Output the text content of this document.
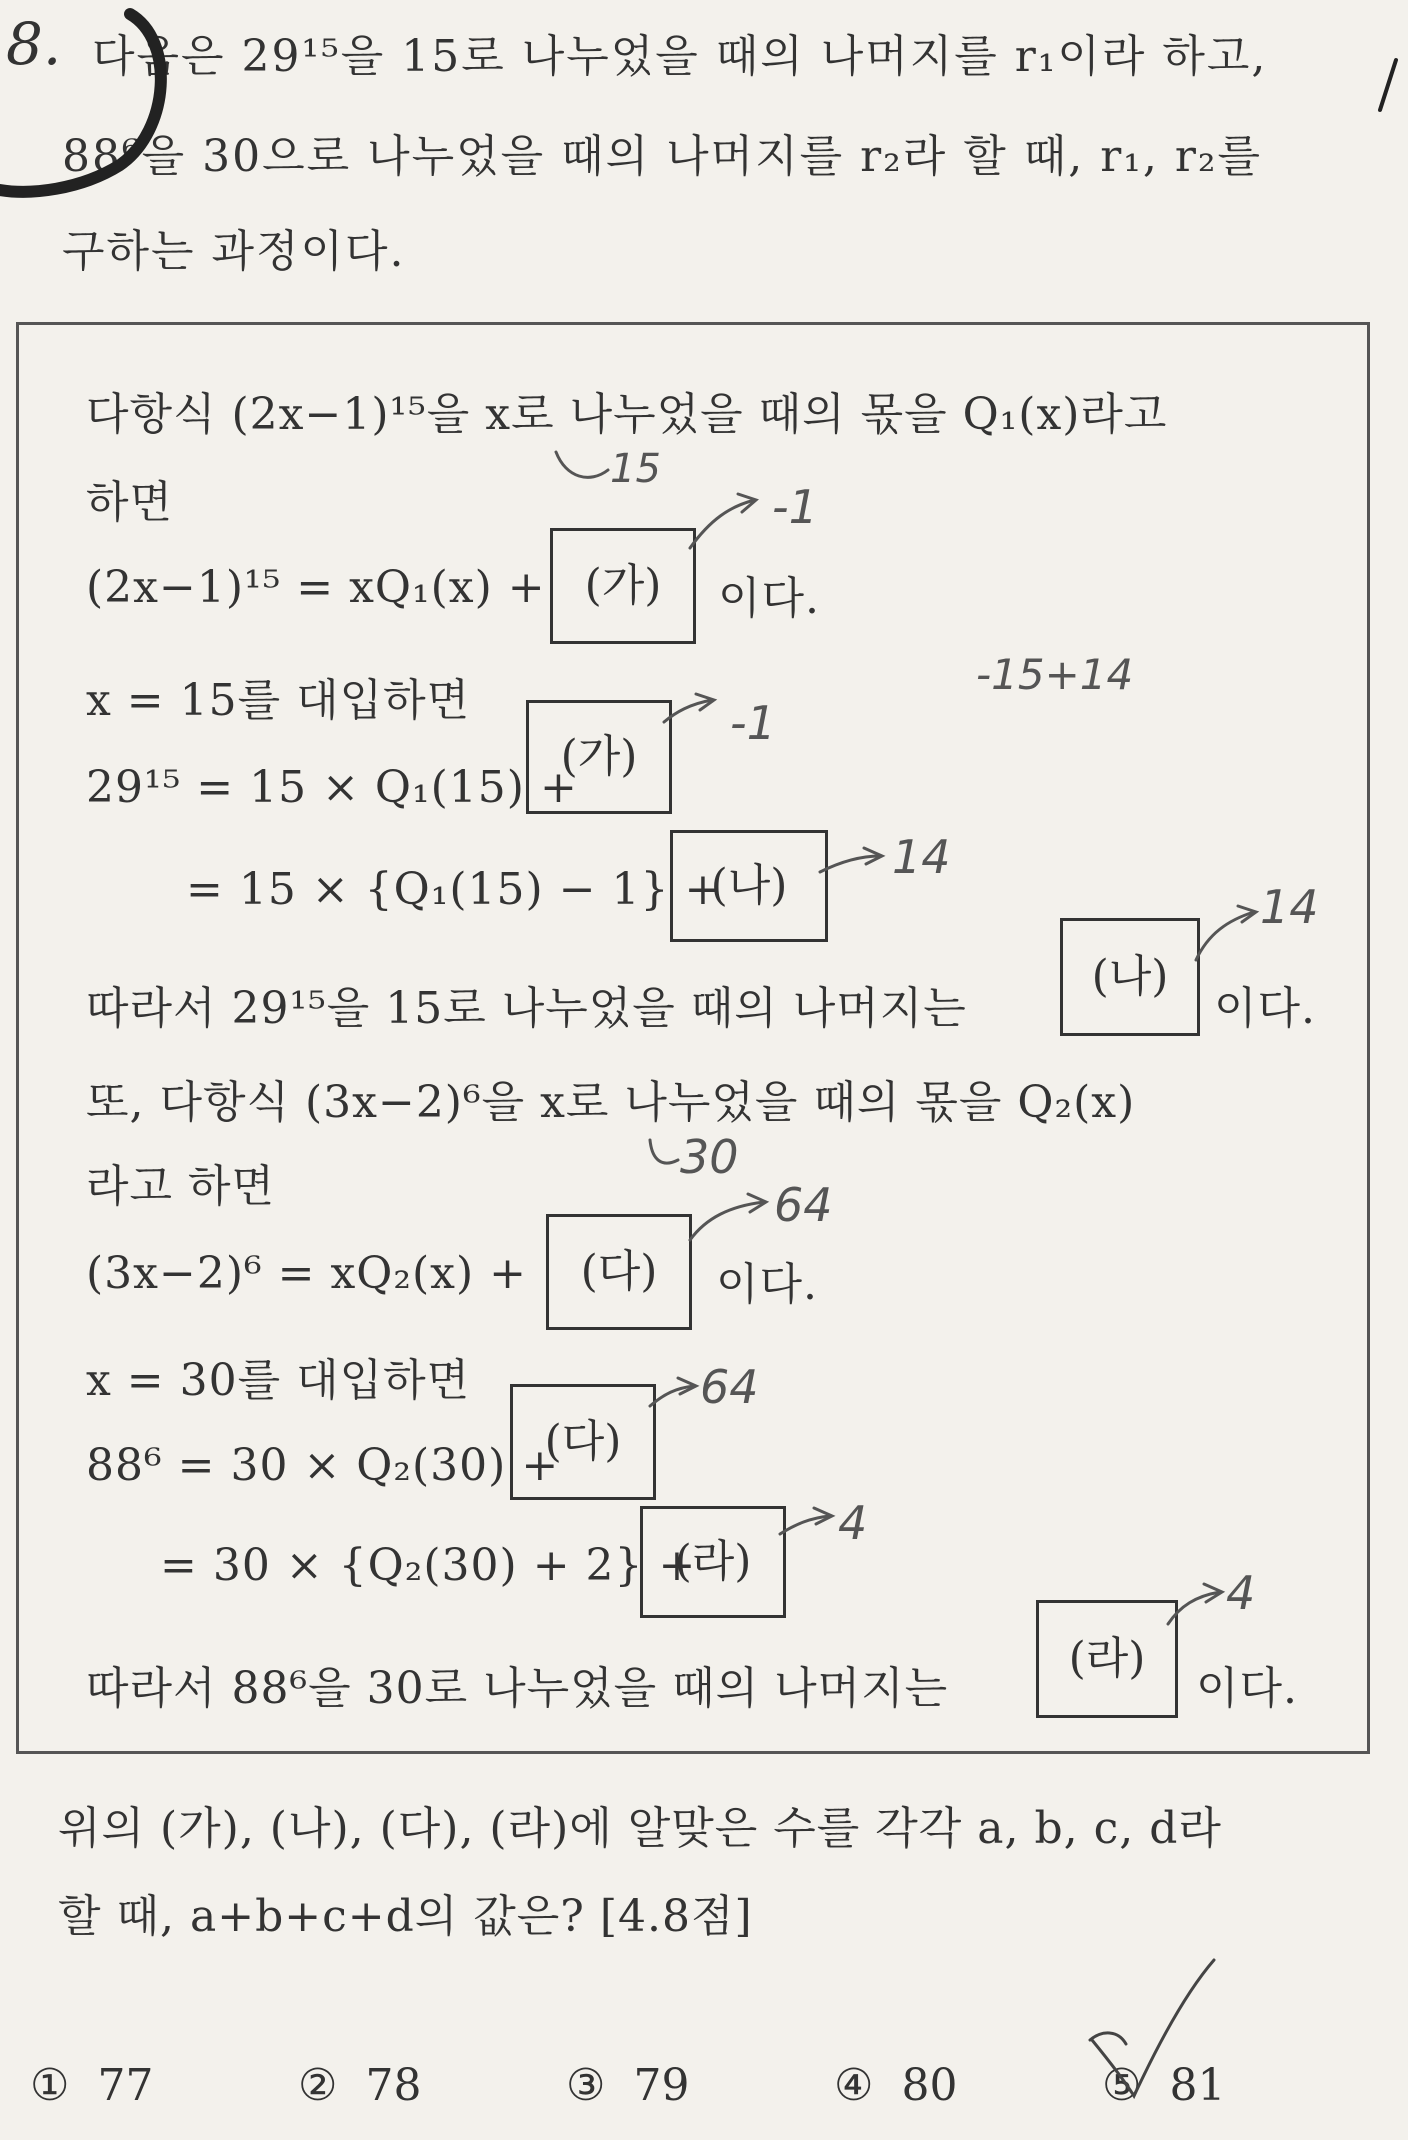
8. 다음은 29¹⁵을 15로 나누었을 때의 나머지를 r₁이라 하고,
88⁶을 30으로 나누었을 때의 나머지를 r₂라 할 때, r₁, r₂를
구하는 과정이다.
다항식 (2x−1)¹⁵을 x로 나누었을 때의 몫을 Q₁(x)라고
하면
(2x−1)¹⁵ = xQ₁(x) + (가)	이다.
x = 15를 대입하면
29¹⁵ = 15 × Q₁(15) +
(가)
= 15 × {Q₁(15) − 1} +
(나)
따라서 29¹⁵을 15로 나누었을 때의 나머지는
(나)
이다.
또, 다항식 (3x−2)⁶을 x로 나누었을 때의 몫을 Q₂(x)
라고 하면
(3x−2)⁶ = xQ₂(x) +	(다)	이다.
x = 30를 대입하면
88⁶ = 30 × Q₂(30) +
(다)
= 30 × {Q₂(30) + 2} +
(라)
따라서 88⁶을 30로 나누었을 때의 나머지는
(라)
이다.
15
-1
-15+14
-1
14
14
30
64
64
4
4
위의 (가), (나), (다), (라)에 알맞은 수를 각각 a, b, c, d라
할 때, a+b+c+d의 값은? [4.8점]
① 77	② 78	③ 79	④ 80	⑤ 81
